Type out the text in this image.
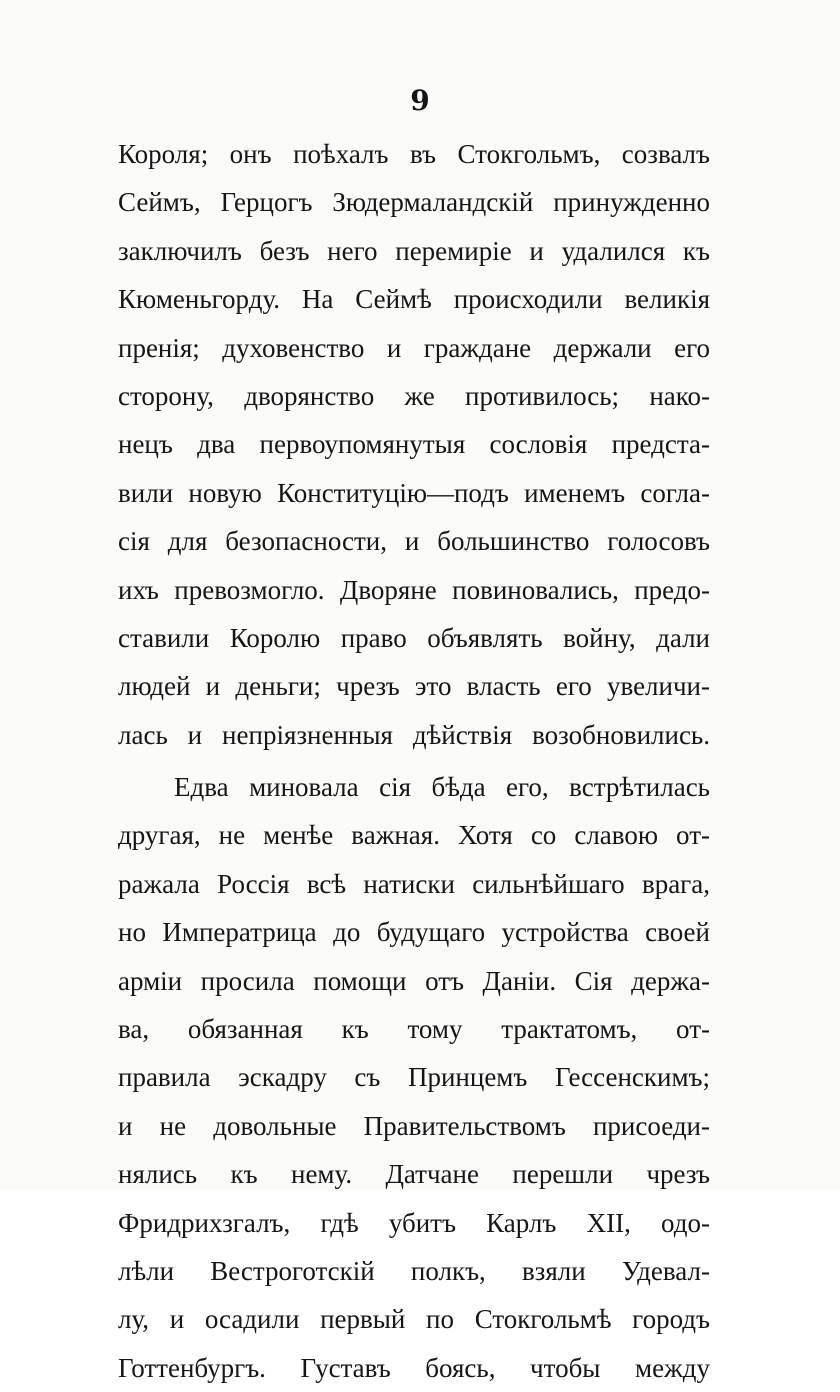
9
Короля; онъ поѣхалъ въ Стокгольмъ, созвалъ
Сеймъ, Герцогъ Зюдермаландскій принужденно
заключилъ безъ него перемиріе и удалился къ
Кюменьгорду. На Сеймѣ происходили великія
пренія; духовенство и граждане держали его
сторону, дворянство же противилось; нако-
нецъ два первоупомянутыя сословія предста-
вили новую Конституцію—подъ именемъ согла-
сія для безопасности, и большинство голосовъ
ихъ превозмогло. Дворяне повиновались, предо-
ставили Королю право объявлять войну, дали
людей и деньги; чрезъ это власть его увеличи-
лась и непріязненныя дѣйствія возобновились.
Едва миновала сія бѣда его, встрѣтилась
другая, не менѣе важная. Хотя со славою от-
ражала Россія всѣ натиски сильнѣйшаго врага,
но Императрица до будущаго устройства своей
арміи просила помощи отъ Даніи. Сія держа-
ва, обязанная къ тому трактатомъ, от-
правила эскадру съ Принцемъ Гессенскимъ;
и не довольные Правительствомъ присоеди-
нялись къ нему. Датчане перешли чрезъ
Фридрихзгалъ, гдѣ убитъ Карлъ XII, одо-
лѣли Вестроготскій полкъ, взяли Удевал-
лу, и осадили первый по Стокгольмѣ городъ
Готтенбургъ. Густавъ боясь, чтобы между
